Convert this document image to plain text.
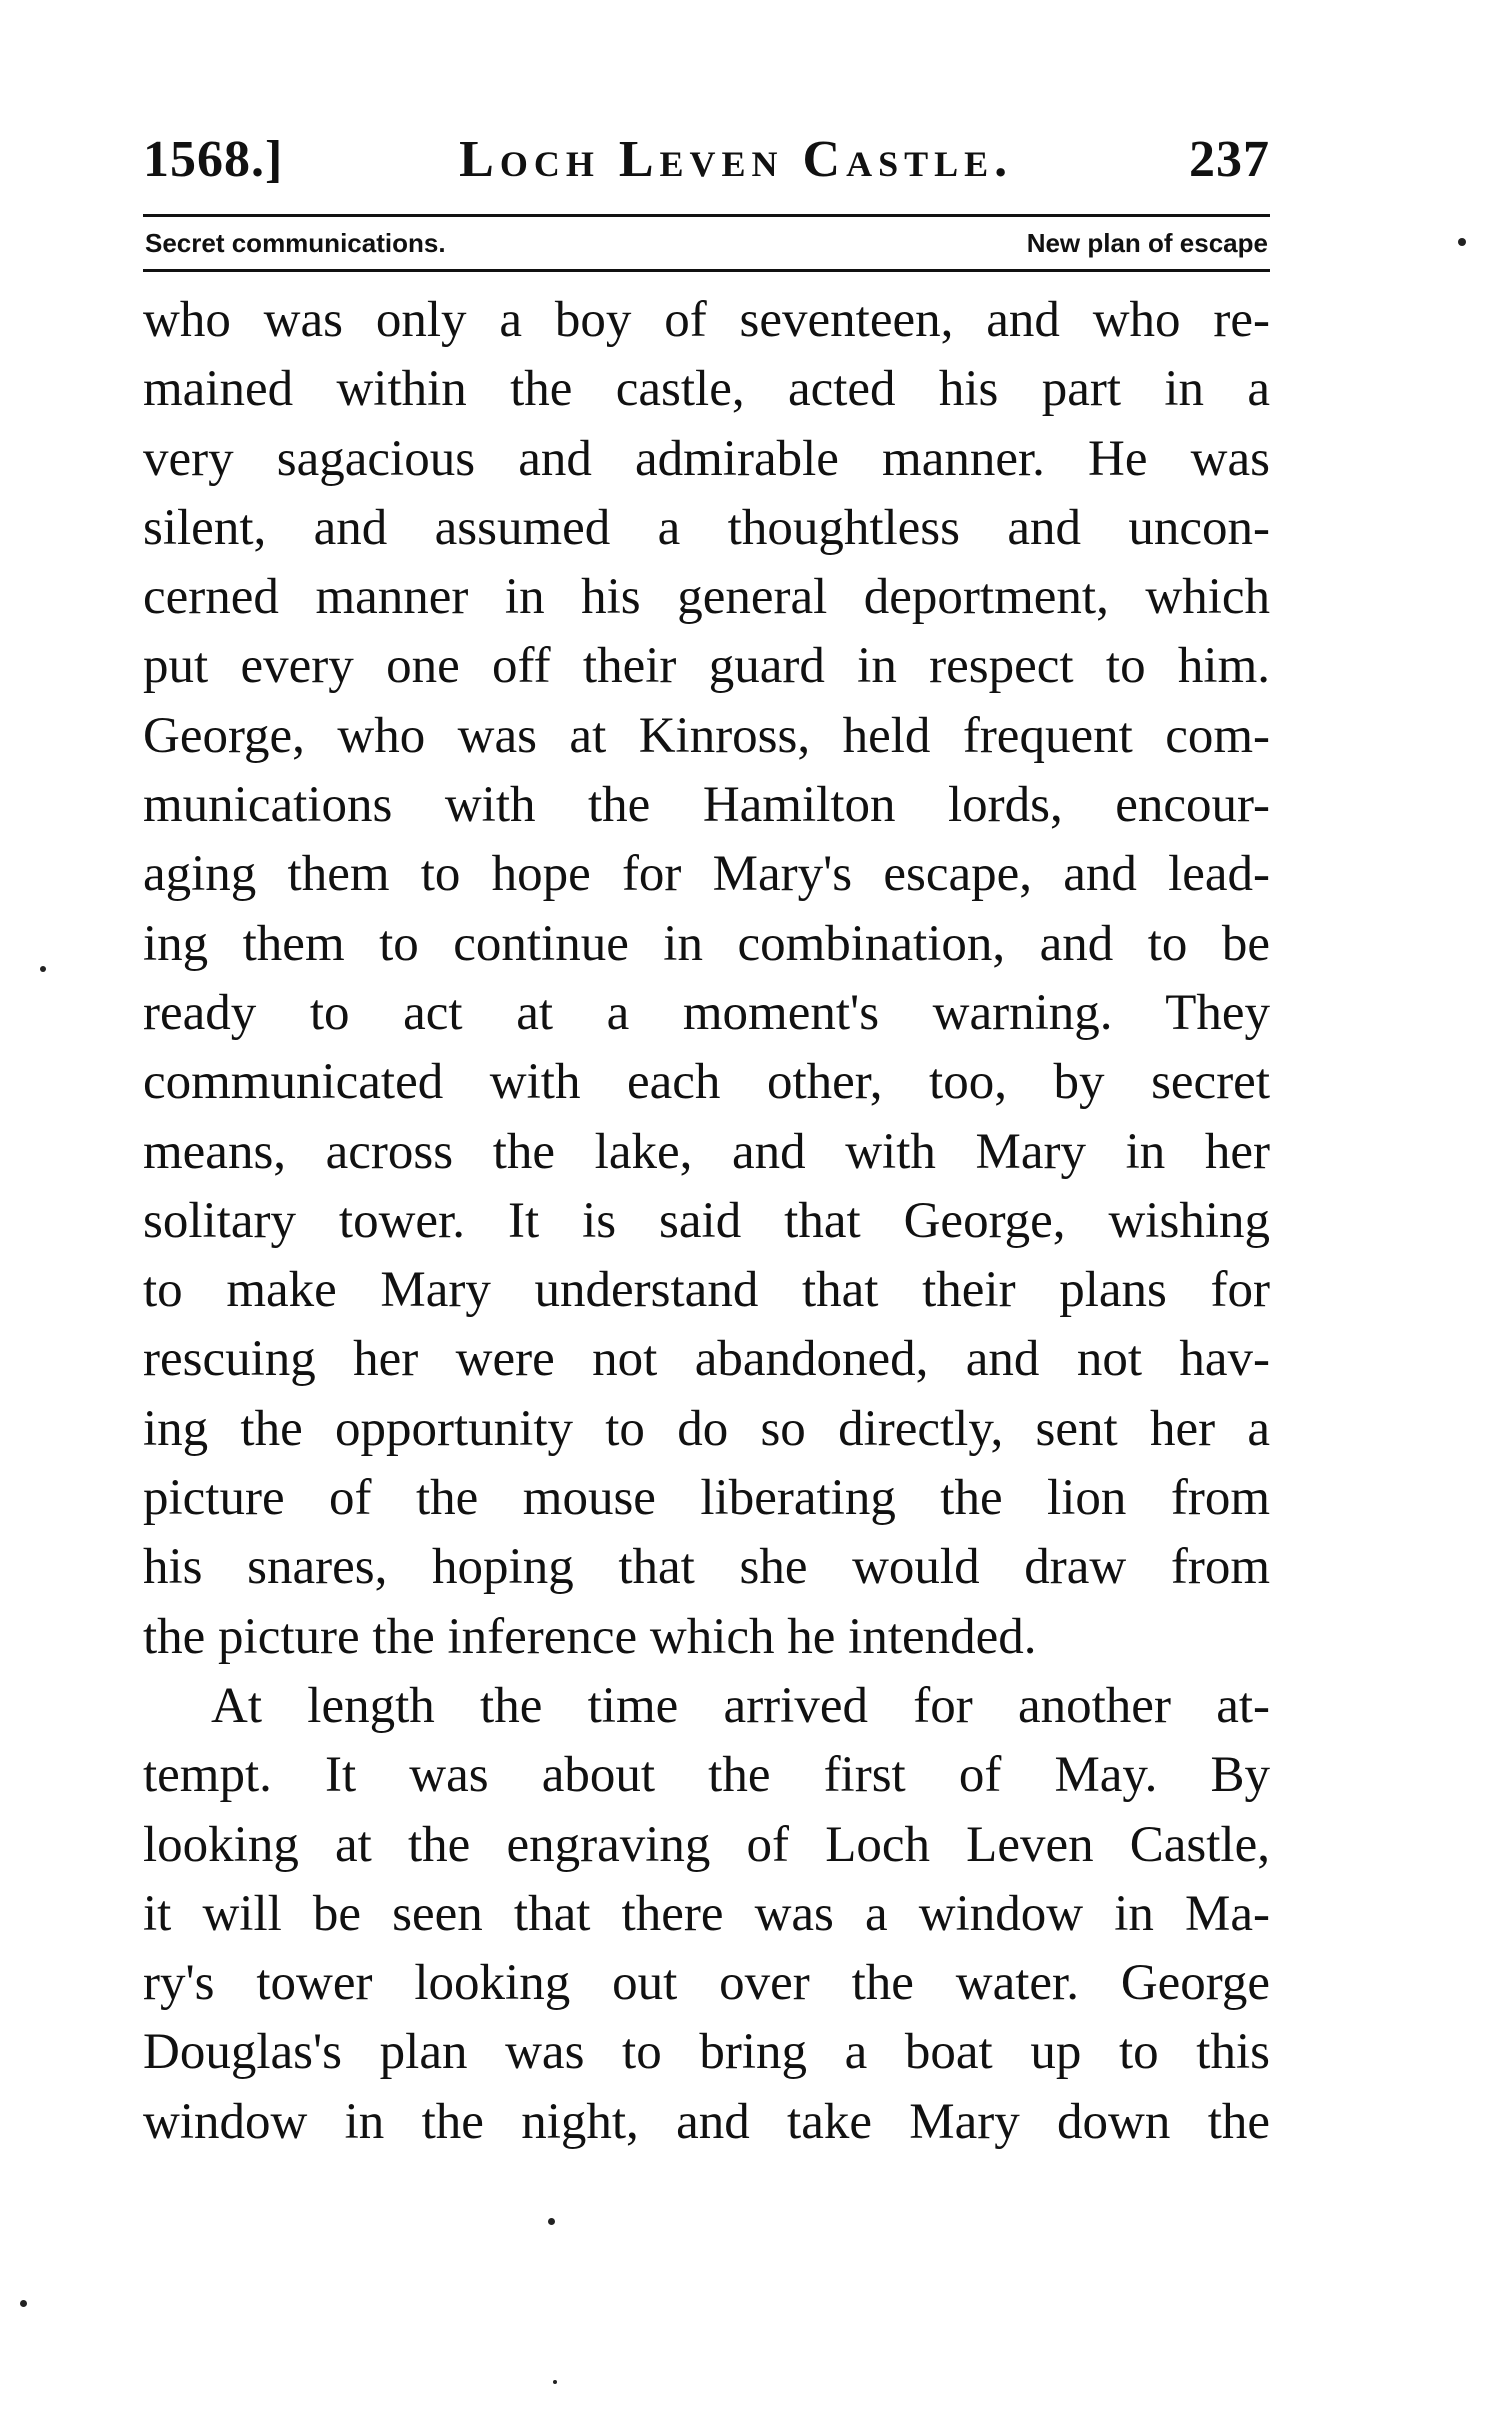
1568.]	Loch Leven Castle.	237
Secret communications.	New plan of escape
who was only a boy of seventeen, and who re-
mained within the castle, acted his part in a
very sagacious and admirable manner. He was
silent, and assumed a thoughtless and uncon-
cerned manner in his general deportment, which
put every one off their guard in respect to him.
George, who was at Kinross, held frequent com-
munications with the Hamilton lords, encour-
aging them to hope for Mary's escape, and lead-
ing them to continue in combination, and to be
ready to act at a moment's warning. They
communicated with each other, too, by secret
means, across the lake, and with Mary in her
solitary tower. It is said that George, wishing
to make Mary understand that their plans for
rescuing her were not abandoned, and not hav-
ing the opportunity to do so directly, sent her a
picture of the mouse liberating the lion from
his snares, hoping that she would draw from
the picture the inference which he intended.
At length the time arrived for another at-
tempt. It was about the first of May. By
looking at the engraving of Loch Leven Castle,
it will be seen that there was a window in Ma-
ry's tower looking out over the water. George
Douglas's plan was to bring a boat up to this
window in the night, and take Mary down the
